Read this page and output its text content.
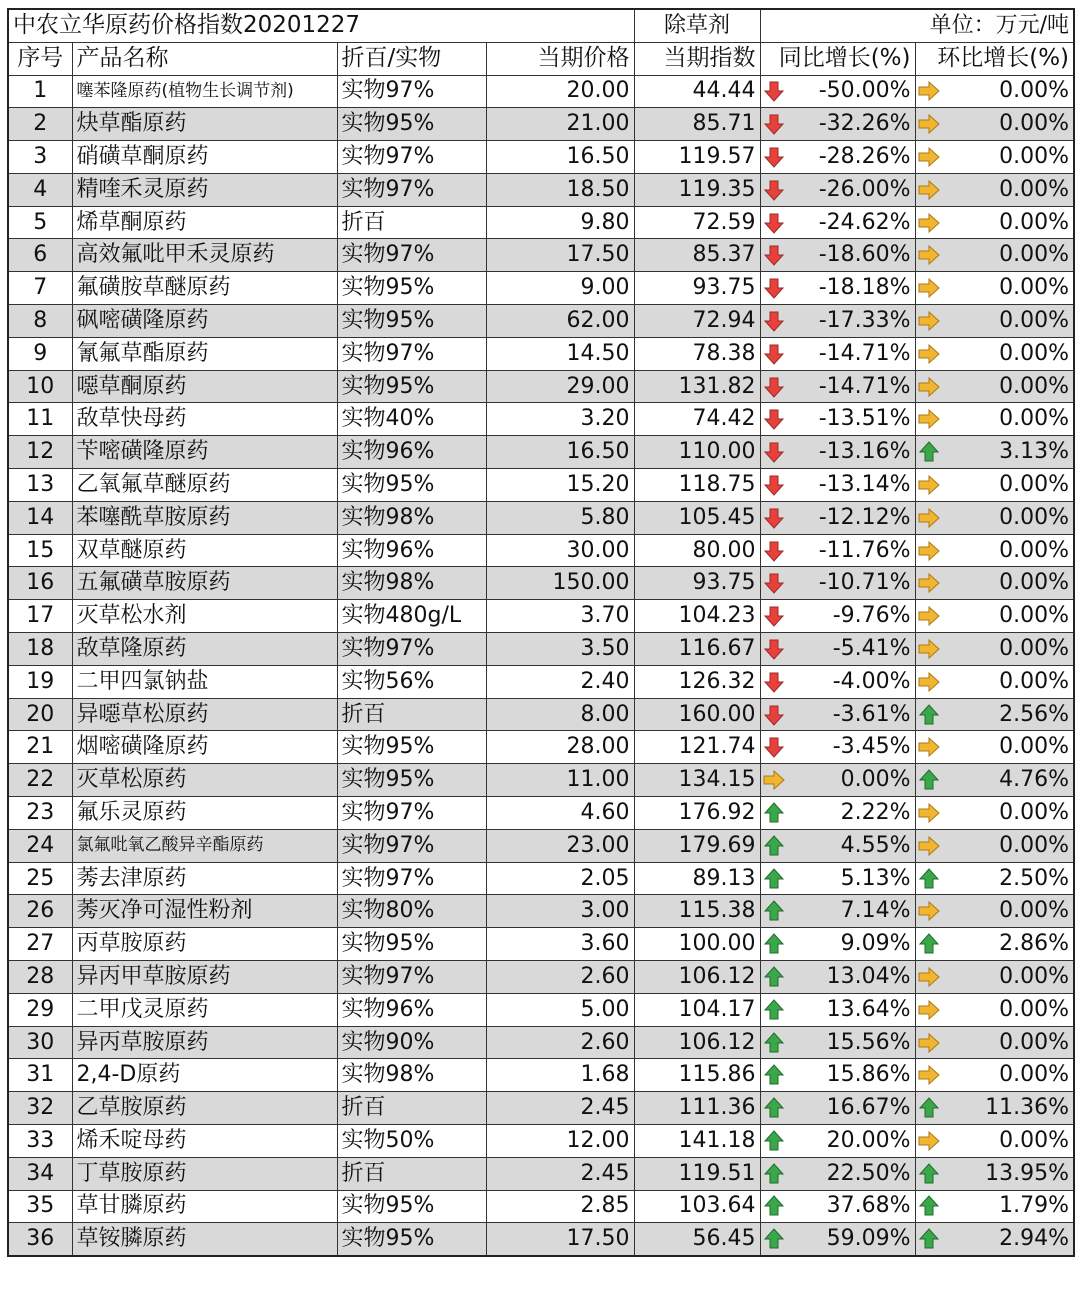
中农立华原药价格指数20201227				除草剂	单位：万元/吨	
序号	产品名称	折百/实物	当期价格	当期指数	同比增长(%)	环比增长(%)
1	噻苯隆原药(植物生长调节剂)	实物97%	20.00	44.44	-50.00%	0.00%

2	炔草酯原药	实物95%	21.00	85.71	-32.26%	0.00%

3	硝磺草酮原药	实物97%	16.50	119.57	-28.26%	0.00%

4	精喹禾灵原药	实物97%	18.50	119.35	-26.00%	0.00%

5	烯草酮原药	折百	9.80	72.59	-24.62%	0.00%

6	高效氟吡甲禾灵原药	实物97%	17.50	85.37	-18.60%	0.00%

7	氟磺胺草醚原药	实物95%	9.00	93.75	-18.18%	0.00%

8	砜嘧磺隆原药	实物95%	62.00	72.94	-17.33%	0.00%

9	氰氟草酯原药	实物97%	14.50	78.38	-14.71%	0.00%

10	噁草酮原药	实物95%	29.00	131.82	-14.71%	0.00%

11	敌草快母药	实物40%	3.20	74.42	-13.51%	0.00%

12	苄嘧磺隆原药	实物96%	16.50	110.00	-13.16%	3.13%

13	乙氧氟草醚原药	实物95%	15.20	118.75	-13.14%	0.00%

14	苯噻酰草胺原药	实物98%	5.80	105.45	-12.12%	0.00%

15	双草醚原药	实物96%	30.00	80.00	-11.76%	0.00%

16	五氟磺草胺原药	实物98%	150.00	93.75	-10.71%	0.00%

17	灭草松水剂	实物480g/L	3.70	104.23	-9.76%	0.00%

18	敌草隆原药	实物97%	3.50	116.67	-5.41%	0.00%

19	二甲四氯钠盐	实物56%	2.40	126.32	-4.00%	0.00%

20	异噁草松原药	折百	8.00	160.00	-3.61%	2.56%

21	烟嘧磺隆原药	实物95%	28.00	121.74	-3.45%	0.00%

22	灭草松原药	实物95%	11.00	134.15	0.00%	4.76%

23	氟乐灵原药	实物97%	4.60	176.92	2.22%	0.00%

24	氯氟吡氧乙酸异辛酯原药	实物97%	23.00	179.69	4.55%	0.00%

25	莠去津原药	实物97%	2.05	89.13	5.13%	2.50%

26	莠灭净可湿性粉剂	实物80%	3.00	115.38	7.14%	0.00%

27	丙草胺原药	实物95%	3.60	100.00	9.09%	2.86%

28	异丙甲草胺原药	实物97%	2.60	106.12	13.04%	0.00%

29	二甲戊灵原药	实物96%	5.00	104.17	13.64%	0.00%

30	异丙草胺原药	实物90%	2.60	106.12	15.56%	0.00%

31	2,4-D原药	实物98%	1.68	115.86	15.86%	0.00%

32	乙草胺原药	折百	2.45	111.36	16.67%	11.36%

33	烯禾啶母药	实物50%	12.00	141.18	20.00%	0.00%

34	丁草胺原药	折百	2.45	119.51	22.50%	13.95%

35	草甘膦原药	实物95%	2.85	103.64	37.68%	1.79%

36	草铵膦原药	实物95%	17.50	56.45	59.09%	2.94%
